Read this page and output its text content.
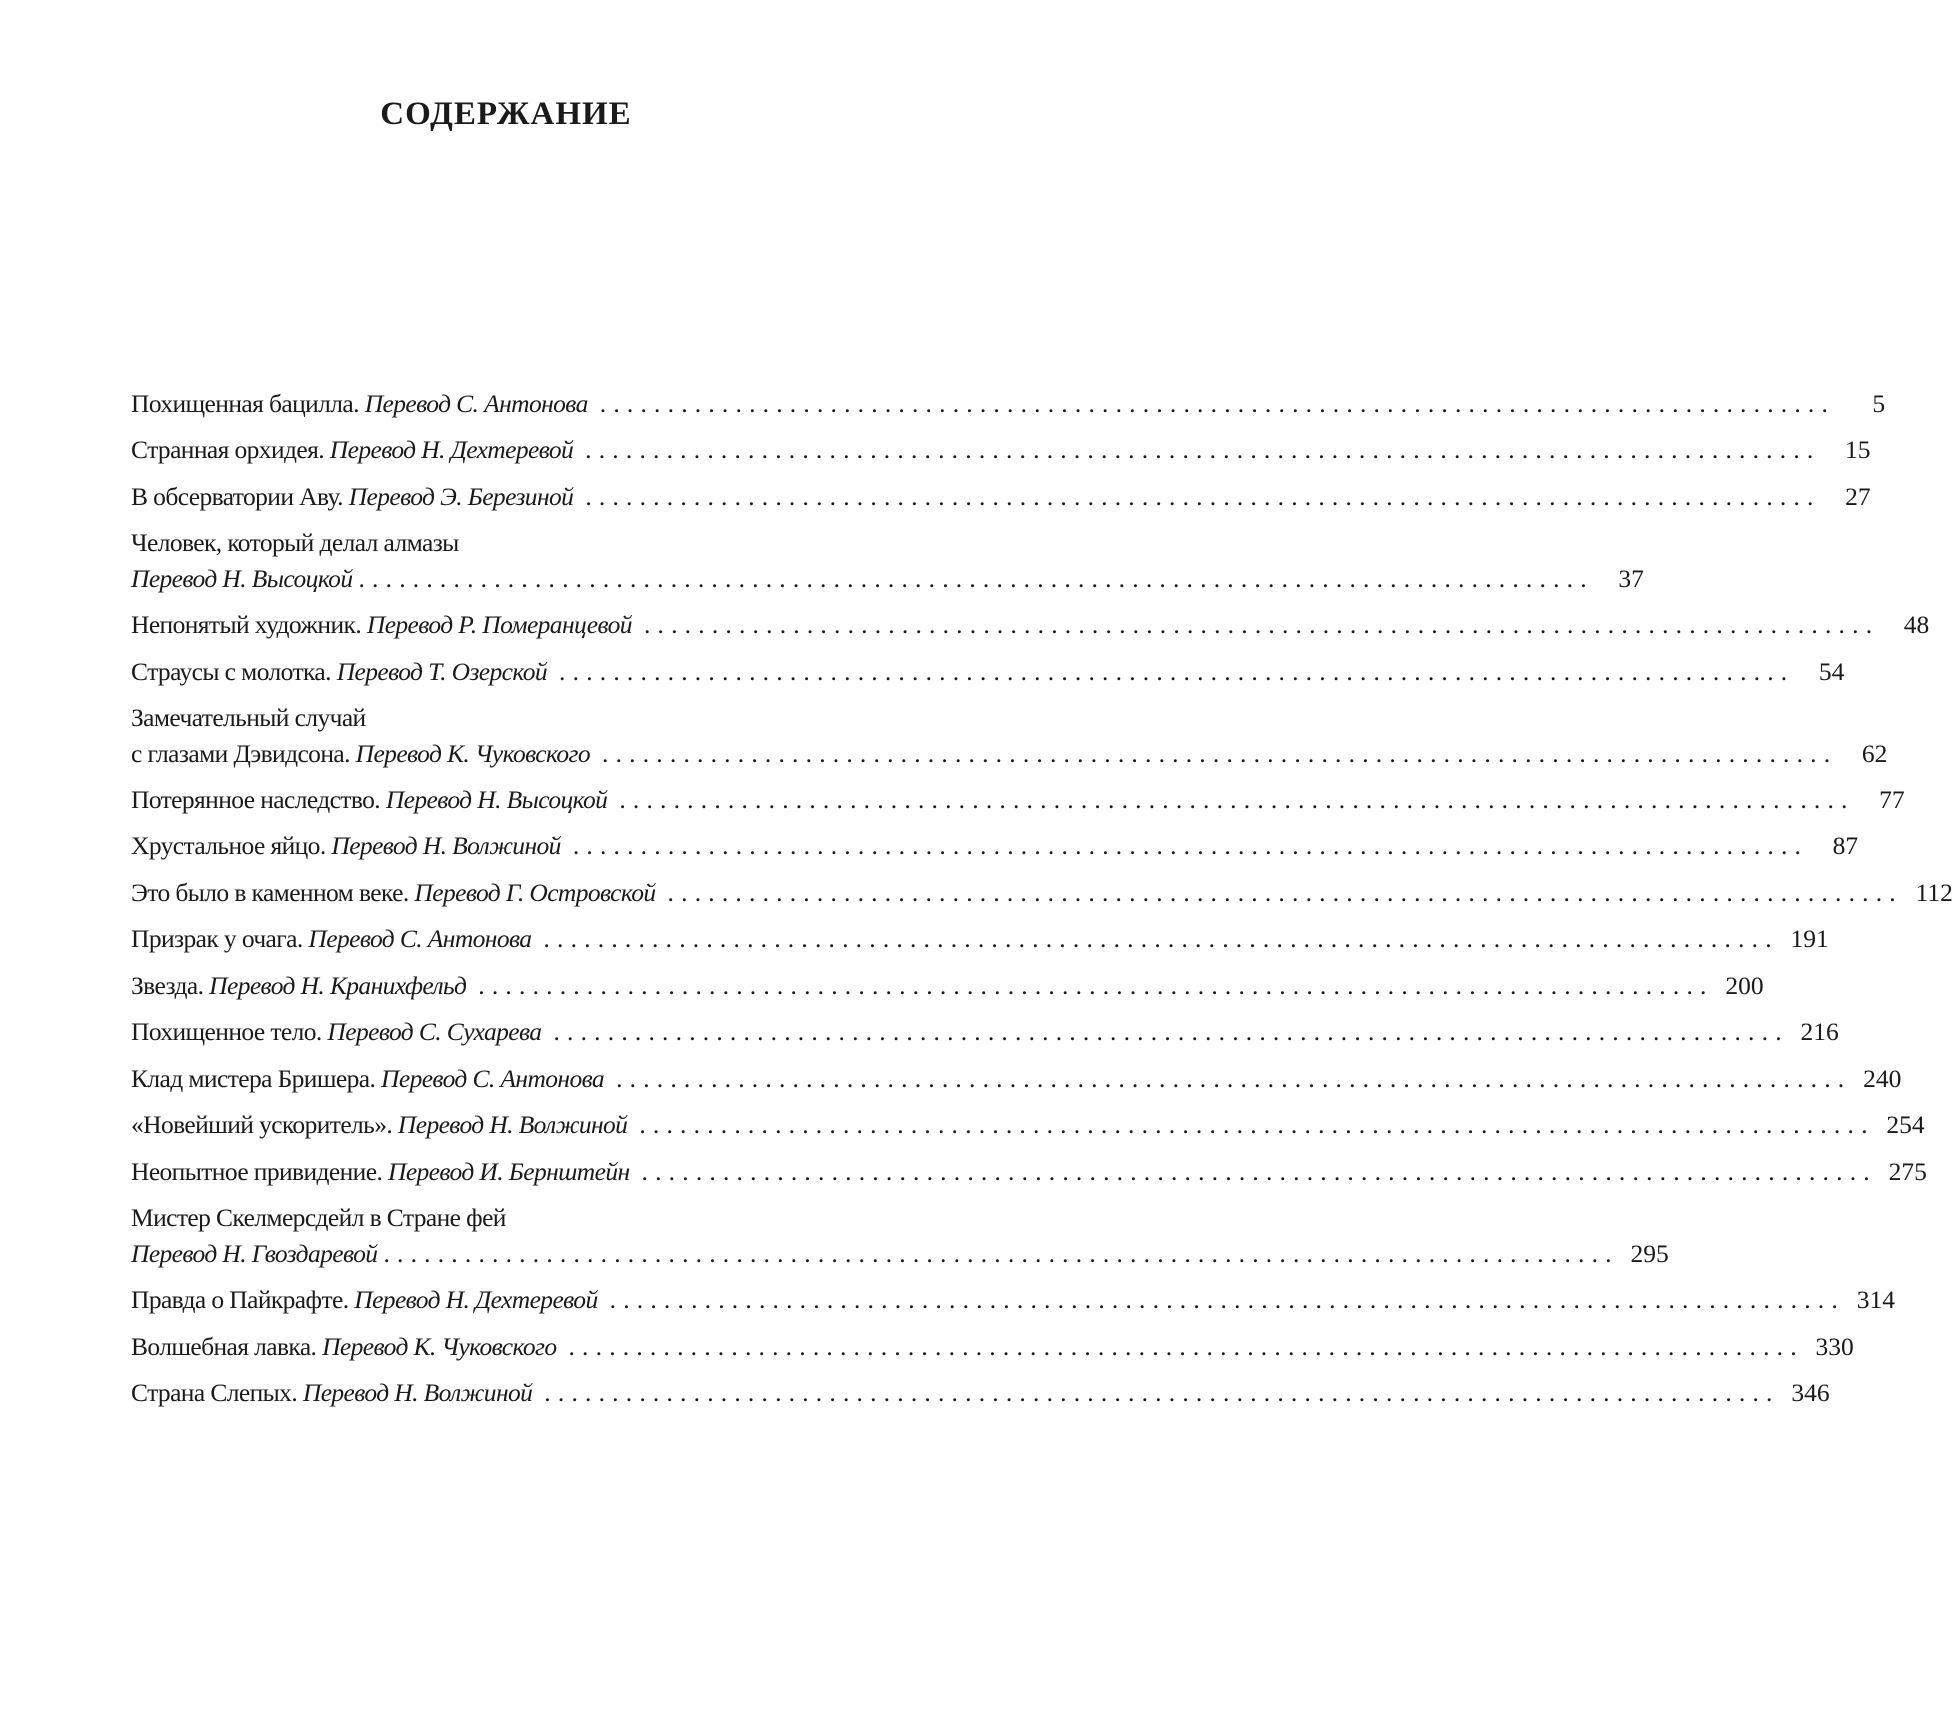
СОДЕРЖАНИЕ
Похищенная бацилла. Перевод С. Антонова ...........................................................................................	5
Странная орхидея. Перевод Н. Дехтеревой ........................................................................................... 15
В обсерватории Аву. Перевод Э. Березиной ........................................................................................... 27
Человек, который делал алмазы
Перевод Н. Высоцкой ........................................................................................... 37
Непонятый художник. Перевод Р. Померанцевой ........................................................................................... 48
Страусы с молотка. Перевод Т. Озерской ........................................................................................... 54
Замечательный случай
с глазами Дэвидсона. Перевод К. Чуковского ........................................................................................... 62
Потерянное наследство. Перевод Н. Высоцкой ........................................................................................... 77
Хрустальное яйцо. Перевод Н. Волжиной ........................................................................................... 87
Это было в каменном веке. Перевод Г. Островской ........................................................................................... 112
Призрак у очага. Перевод С. Антонова ........................................................................................... 191
Звезда. Перевод Н. Кранихфельд ........................................................................................... 200
Похищенное тело. Перевод С. Сухарева ........................................................................................... 216
Клад мистера Бришера. Перевод С. Антонова ........................................................................................... 240
«Новейший ускоритель». Перевод Н. Волжиной ........................................................................................... 254
Неопытное привидение. Перевод И. Бернштейн ........................................................................................... 275
Мистер Скелмерсдейл в Стране фей
Перевод Н. Гвоздаревой ........................................................................................... 295
Правда о Пайкрафте. Перевод Н. Дехтеревой ........................................................................................... 314
Волшебная лавка. Перевод К. Чуковского ........................................................................................... 330
Страна Слепых. Перевод Н. Волжиной ........................................................................................... 346
